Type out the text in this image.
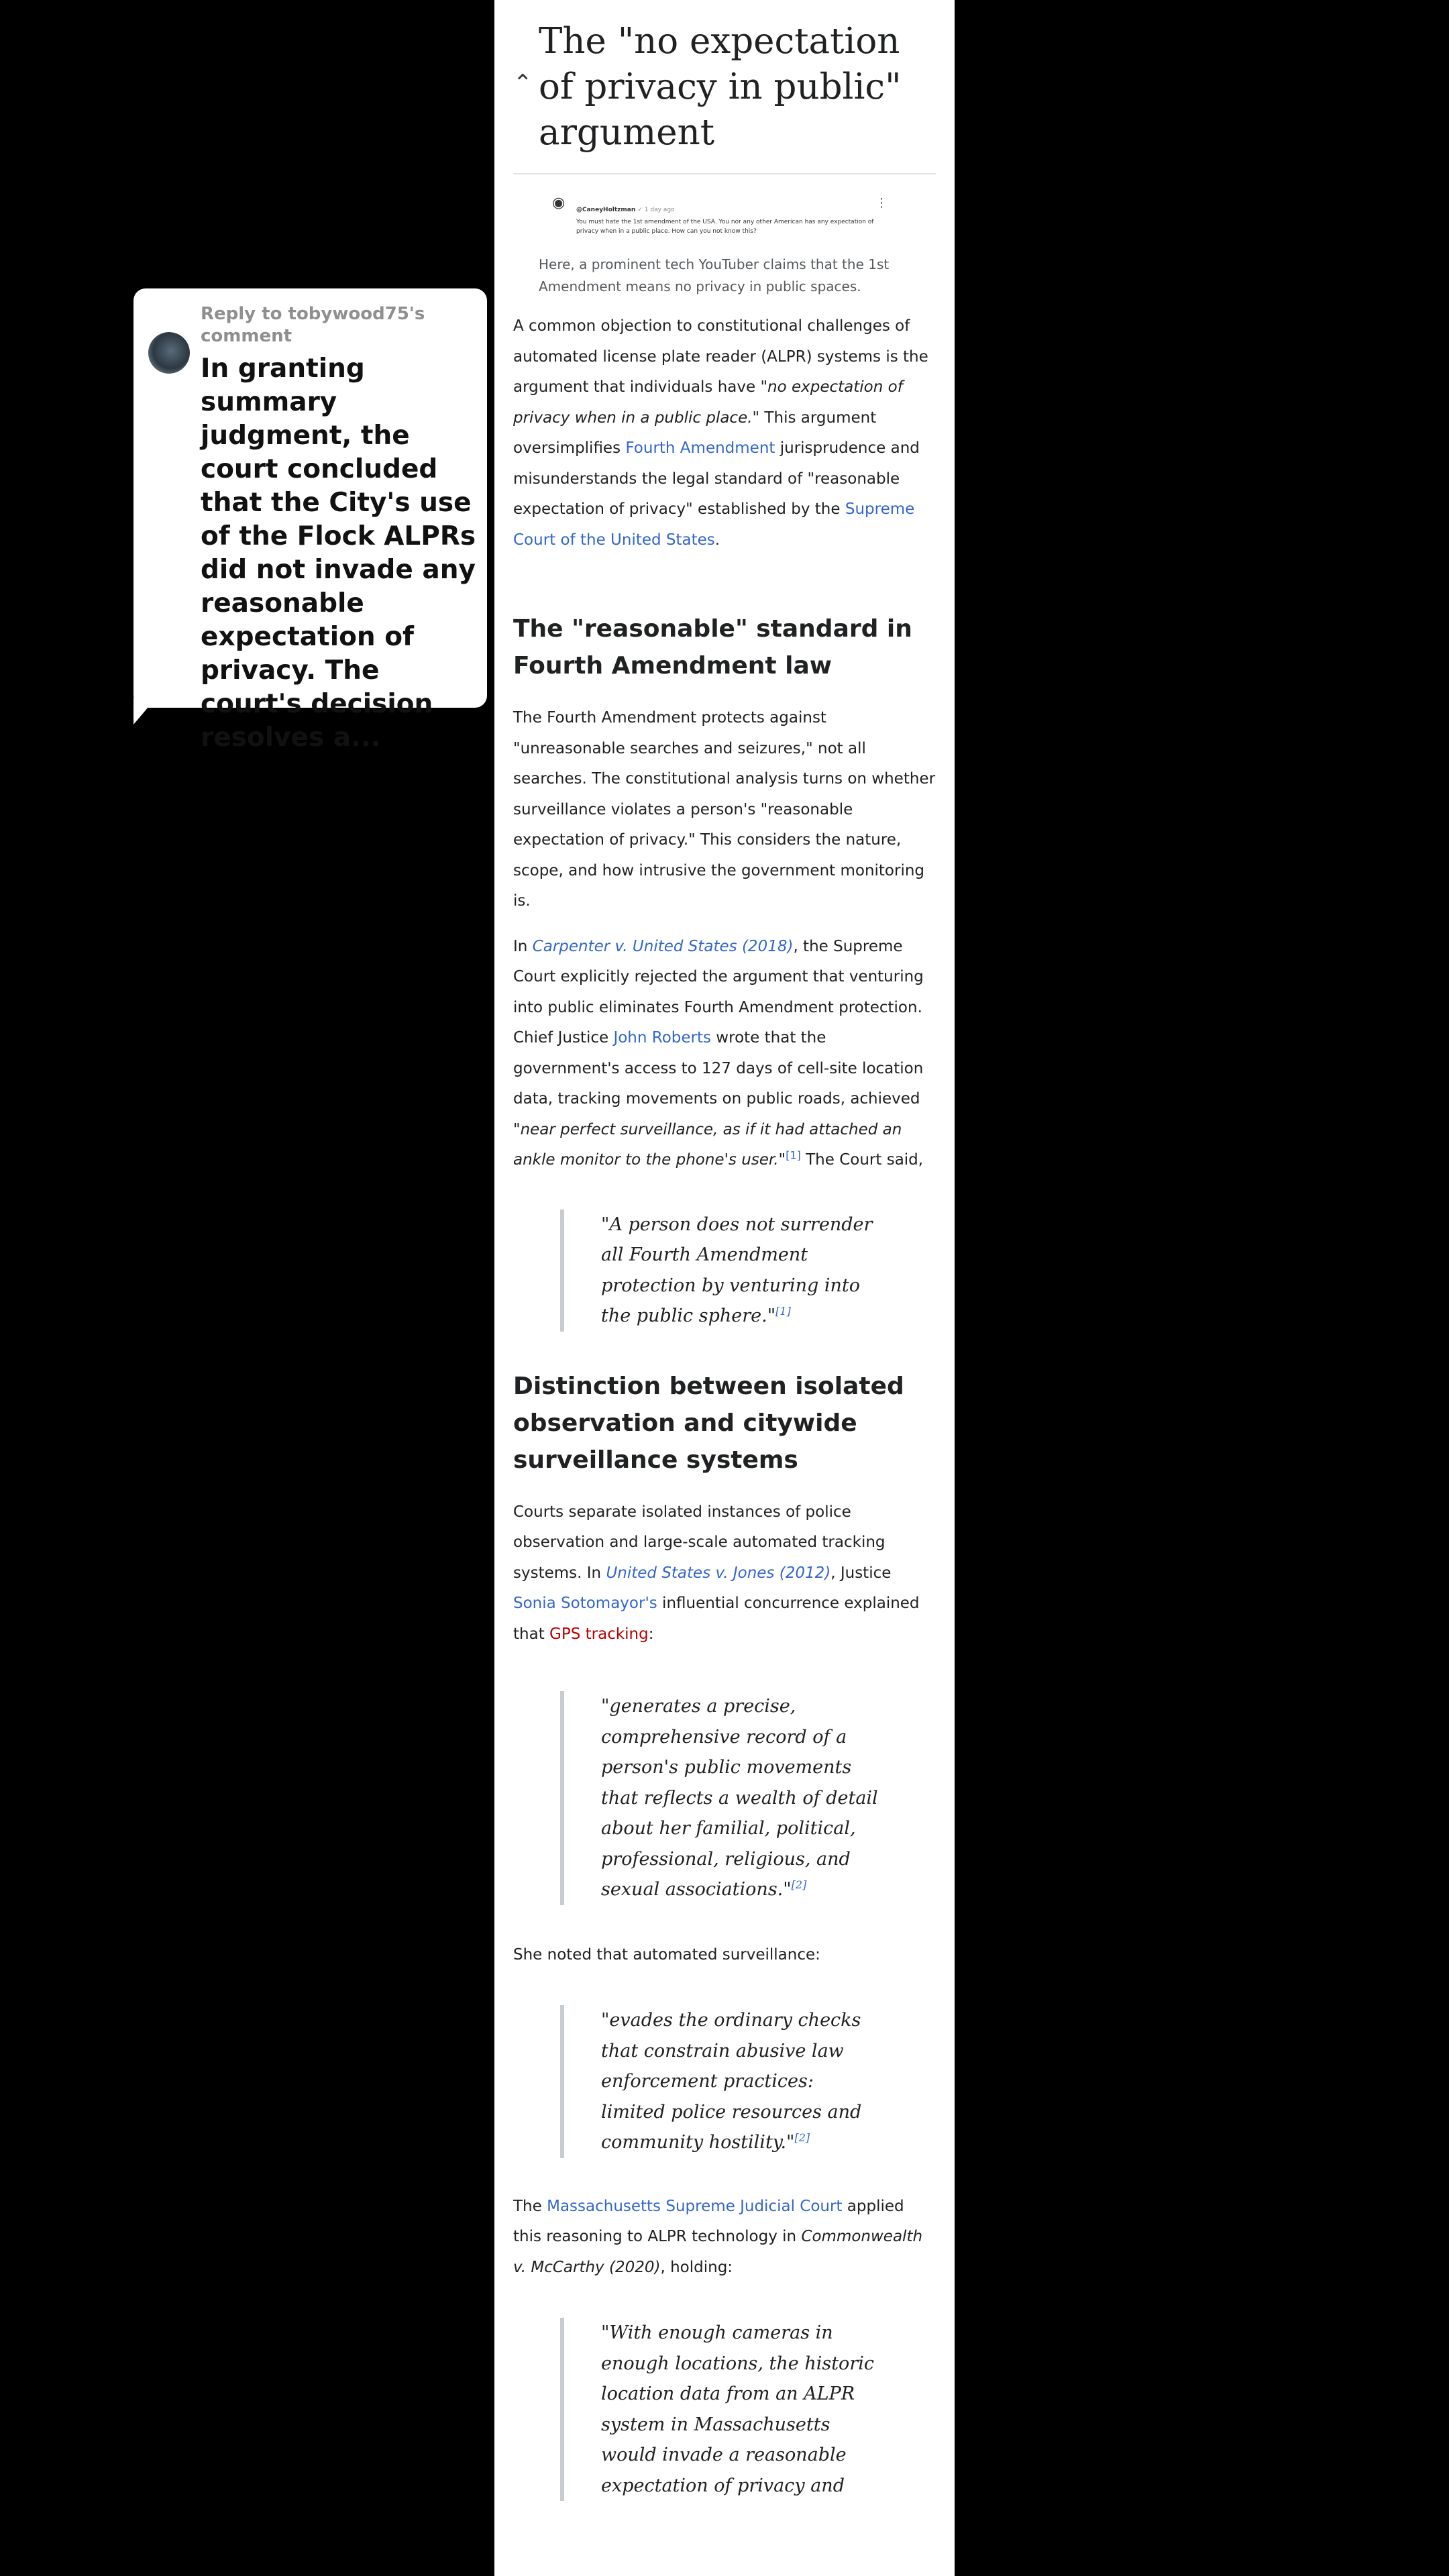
⌃
The "no expectation of privacy in public" argument
◉	@CaneyHoltzman ✓ 1 day ago
You must hate the 1st amendment of the USA. You nor any other American has any expectation of privacy when in a public place. How can you not know this?
⋮
Here, a prominent tech YouTuber claims that the 1st Amendment means no privacy in public spaces.

A common objection to constitutional challenges of automated license plate reader (ALPR) systems is the argument that individuals have "no expectation of privacy when in a public place." This argument oversimplifies Fourth Amendment jurisprudence and misunderstands the legal standard of "reasonable expectation of privacy" established by the Supreme Court of the United States.

The "reasonable" standard in Fourth Amendment law

The Fourth Amendment protects against "unreasonable searches and seizures," not all searches. The constitutional analysis turns on whether surveillance violates a person's "reasonable expectation of privacy." This considers the nature, scope, and how intrusive the government monitoring is.

In Carpenter v. United States (2018), the Supreme Court explicitly rejected the argument that venturing into public eliminates Fourth Amendment protection. Chief Justice John Roberts wrote that the government's access to 127 days of cell-site location data, tracking movements on public roads, achieved "near perfect surveillance, as if it had attached an ankle monitor to the phone's user."[1] The Court said,

"A person does not surrender all Fourth Amendment protection by venturing into the public sphere."[1]
Distinction between isolated observation and citywide surveillance systems

Courts separate isolated instances of police observation and large-scale automated tracking systems. In United States v. Jones (2012), Justice Sonia Sotomayor's influential concurrence explained that GPS tracking:

"generates a precise, comprehensive record of a person's public movements that reflects a wealth of detail about her familial, political, professional, religious, and sexual associations."[2]

She noted that automated surveillance:

"evades the ordinary checks that constrain abusive law enforcement practices: limited police resources and community hostility."[2]

The Massachusetts Supreme Judicial Court applied this reasoning to ALPR technology in Commonwealth v. McCarthy (2020), holding:

"With enough cameras in enough locations, the historic location data from an ALPR system in Massachusetts would invade a reasonable expectation of privacy and
Reply to tobywood75's comment
In granting summary judgment, the court concluded that the City's use of the Flock ALPRs did not invade any reasonable expectation of privacy. The court's decision resolves a...
